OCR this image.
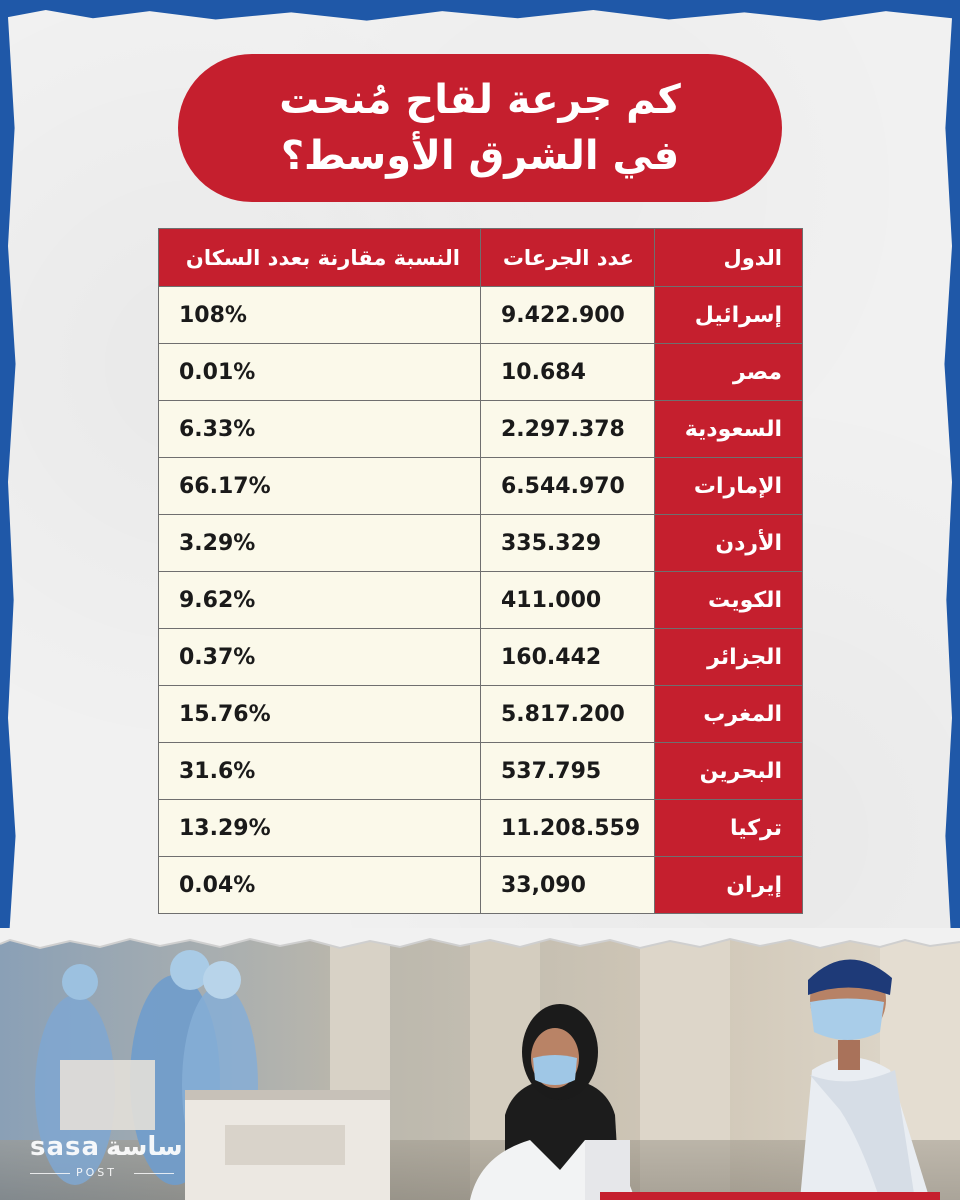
كم جرعة لقاح مُنحت
في الشرق الأوسط؟
الدول	عدد الجرعات	النسبة مقارنة بعدد السكان
إسرائيل	9.422.900	108%
مصر	10.684	0.01%
السعودية	2.297.378	6.33%
الإمارات	6.544.970	66.17%
الأردن	335.329	3.29%
الكويت	411.000	9.62%
الجزائر	160.442	0.37%
المغرب	5.817.200	15.76%
البحرين	537.795	31.6%
تركيا	11.208.559	13.29%
إيران	33,090	0.04%
sasa ساسة
POST
